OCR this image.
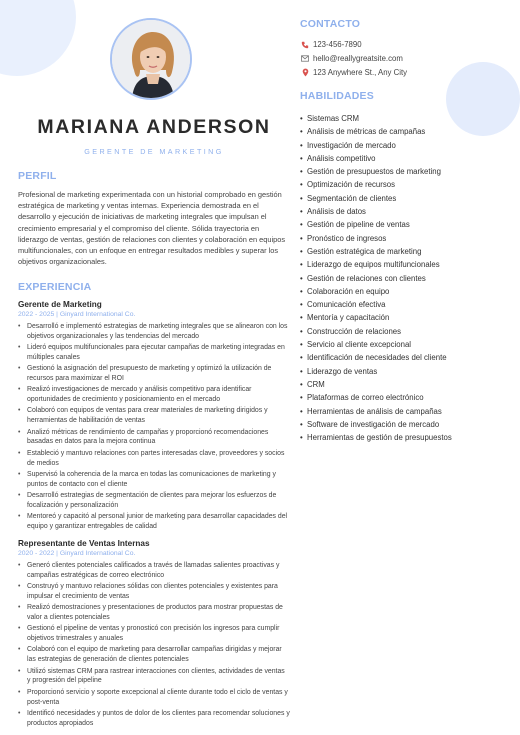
MARIANA ANDERSON
GERENTE DE MARKETING
PERFIL
Profesional de marketing experimentada con un historial comprobado en gestión estratégica de marketing y ventas internas. Experiencia demostrada en el desarrollo y ejecución de iniciativas de marketing integrales que impulsan el crecimiento empresarial y el compromiso del cliente. Sólida trayectoria en liderazgo de ventas, gestión de relaciones con clientes y colaboración en equipos multifuncionales, con un enfoque en entregar resultados medibles y superar los objetivos organizacionales.
EXPERIENCIA
Gerente de Marketing
2022 - 2025 | Ginyard International Co.
• Desarrolló e implementó estrategias de marketing integrales que se alinearon con los objetivos organizacionales y las tendencias del mercado
• Lideró equipos multifuncionales para ejecutar campañas de marketing integradas en múltiples canales
• Gestionó la asignación del presupuesto de marketing y optimizó la utilización de recursos para maximizar el ROI
• Realizó investigaciones de mercado y análisis competitivo para identificar oportunidades de crecimiento y posicionamiento en el mercado
• Colaboró con equipos de ventas para crear materiales de marketing dirigidos y herramientas de habilitación de ventas
• Analizó métricas de rendimiento de campañas y proporcionó recomendaciones basadas en datos para la mejora continua
• Estableció y mantuvo relaciones con partes interesadas clave, proveedores y socios de medios
• Supervisó la coherencia de la marca en todas las comunicaciones de marketing y puntos de contacto con el cliente
• Desarrolló estrategias de segmentación de clientes para mejorar los esfuerzos de focalización y personalización
• Mentoreó y capacitó al personal junior de marketing para desarrollar capacidades del equipo y garantizar entregables de calidad
Representante de Ventas Internas
2020 - 2022 | Ginyard International Co.
• Generó clientes potenciales calificados a través de llamadas salientes proactivas y campañas estratégicas de correo electrónico
• Construyó y mantuvo relaciones sólidas con clientes potenciales y existentes para impulsar el crecimiento de ventas
• Realizó demostraciones y presentaciones de productos para mostrar propuestas de valor a clientes potenciales
• Gestionó el pipeline de ventas y pronosticó con precisión los ingresos para cumplir objetivos trimestrales y anuales
• Colaboró con el equipo de marketing para desarrollar campañas dirigidas y mejorar las estrategias de generación de clientes potenciales
• Utilizó sistemas CRM para rastrear interacciones con clientes, actividades de ventas y progresión del pipeline
• Proporcionó servicio y soporte excepcional al cliente durante todo el ciclo de ventas y post-venta
• Identificó necesidades y puntos de dolor de los clientes para recomendar soluciones y productos apropiados
CONTACTO
123-456-7890
hello@reallygreatsite.com
123 Anywhere St., Any City
HABILIDADES
• Sistemas CRM
• Análisis de métricas de campañas
• Investigación de mercado
• Análisis competitivo
• Gestión de presupuestos de marketing
• Optimización de recursos
• Segmentación de clientes
• Análisis de datos
• Gestión de pipeline de ventas
• Pronóstico de ingresos
• Gestión estratégica de marketing
• Liderazgo de equipos multifuncionales
• Gestión de relaciones con clientes
• Colaboración en equipo
• Comunicación efectiva
• Mentoría y capacitación
• Construcción de relaciones
• Servicio al cliente excepcional
• Identificación de necesidades del cliente
• Liderazgo de ventas
• CRM
• Plataformas de correo electrónico
• Herramientas de análisis de campañas
• Software de investigación de mercado
• Herramientas de gestión de presupuestos
